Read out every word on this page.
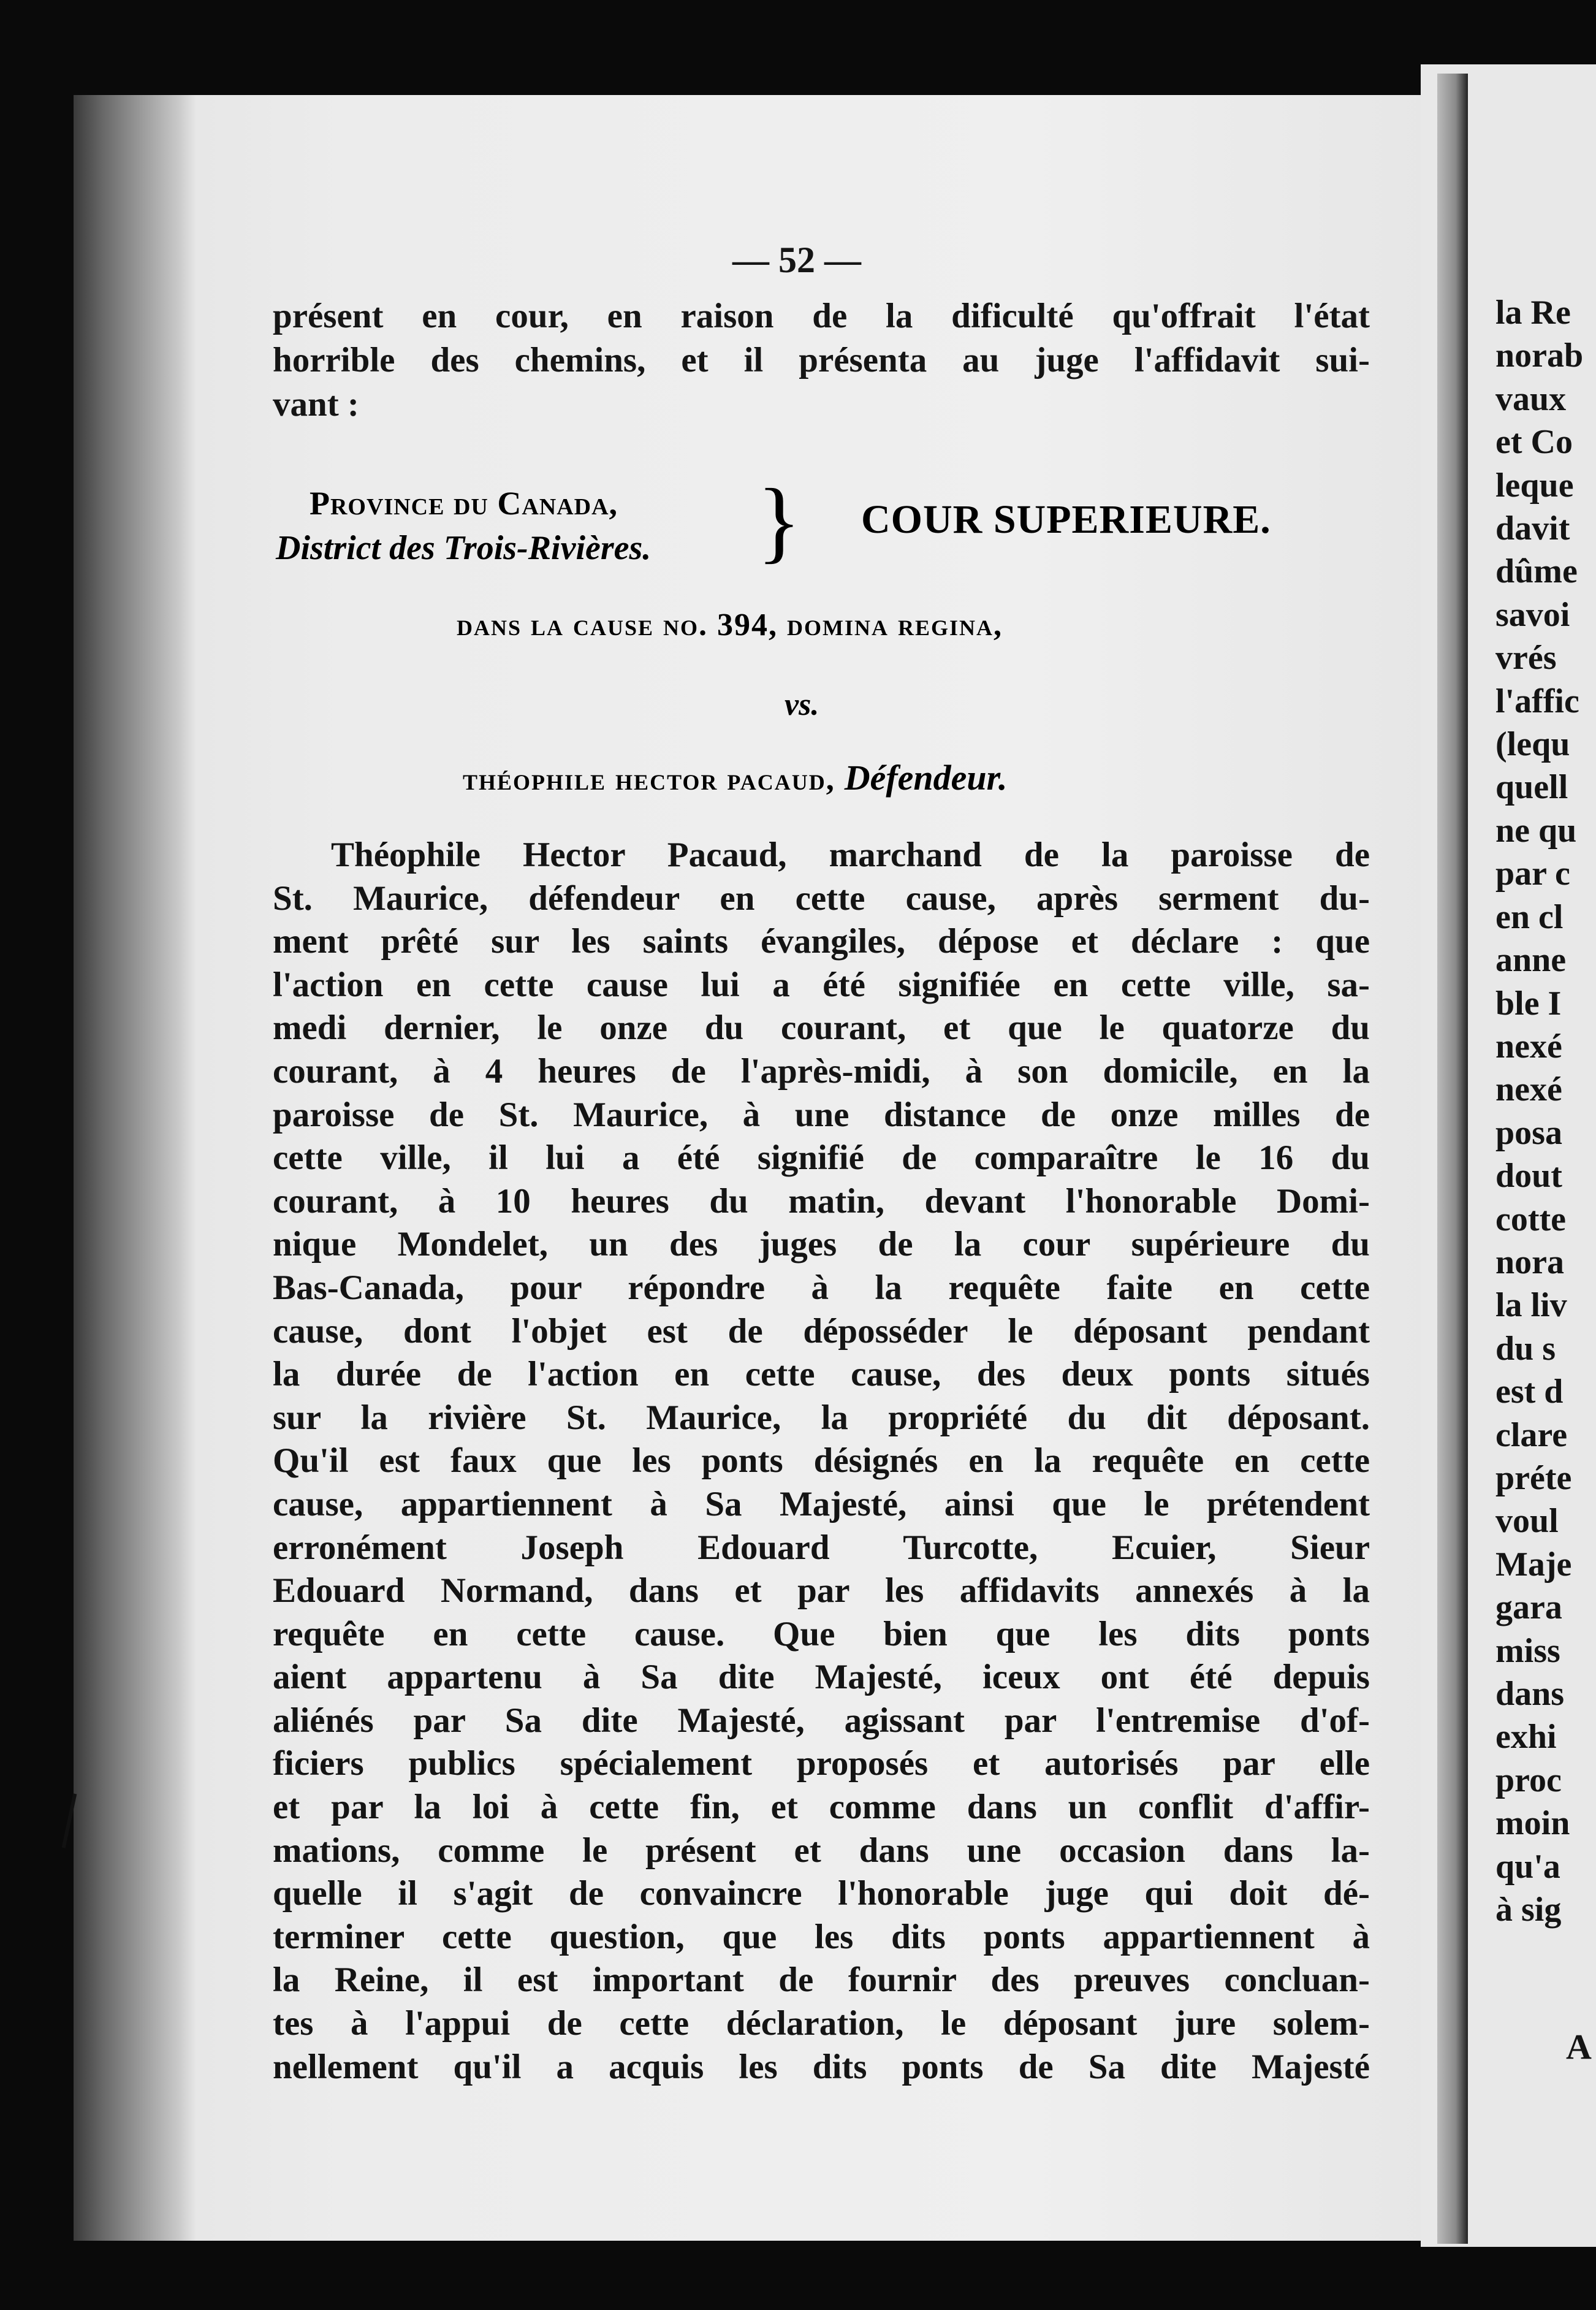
— 52 —
présent en cour, en raison de la dificulté qu'offrait l'état
horrible des chemins, et il présenta au juge l'affidavit sui-
vant :
Province du Canada,
District des Trois-Rivières. } COUR SUPERIEURE.
dans la cause no. 394, domina regina,
vs.
théophile hector pacaud, Défendeur.
Théophile Hector Pacaud, marchand de la paroisse de
St. Maurice, défendeur en cette cause, après serment du-
ment prêté sur les saints évangiles, dépose et déclare : que
l'action en cette cause lui a été signifiée en cette ville, sa-
medi dernier, le onze du courant, et que le quatorze du
courant, à 4 heures de l'après-midi, à son domicile, en la
paroisse de St. Maurice, à une distance de onze milles de
cette ville, il lui a été signifié de comparaître le 16 du
courant, à 10 heures du matin, devant l'honorable Domi-
nique Mondelet, un des juges de la cour supérieure du
Bas-Canada, pour répondre à la requête faite en cette
cause, dont l'objet est de déposséder le déposant pendant
la durée de l'action en cette cause, des deux ponts situés
sur la rivière St. Maurice, la propriété du dit déposant.
Qu'il est faux que les ponts désignés en la requête en cette
cause, appartiennent à Sa Majesté, ainsi que le prétendent
erronément Joseph Edouard Turcotte, Ecuier, Sieur
Edouard Normand, dans et par les affidavits annexés à la
requête en cette cause. Que bien que les dits ponts
aient appartenu à Sa dite Majesté, iceux ont été depuis
aliénés par Sa dite Majesté, agissant par l'entremise d'of-
ficiers publics spécialement proposés et autorisés par elle
et par la loi à cette fin, et comme dans un conflit d'affir-
mations, comme le présent et dans une occasion dans la-
quelle il s'agit de convaincre l'honorable juge qui doit dé-
terminer cette question, que les dits ponts appartiennent à
la Reine, il est important de fournir des preuves concluan-
tes à l'appui de cette déclaration, le déposant jure solem-
nellement qu'il a acquis les dits ponts de Sa dite Majesté
la Re
norab
vaux
et Co
leque
davit
dûme
savoi
vrés
l'affic
(lequ
quell
ne qu
par c
en cl
anne
ble I
nexé
nexé
posa
dout
cotte
nora
la liv
du s
est d
clare
préte
voul
Maje
gara
miss
dans
exhi
proc
moin
qu'a
à sig
A
